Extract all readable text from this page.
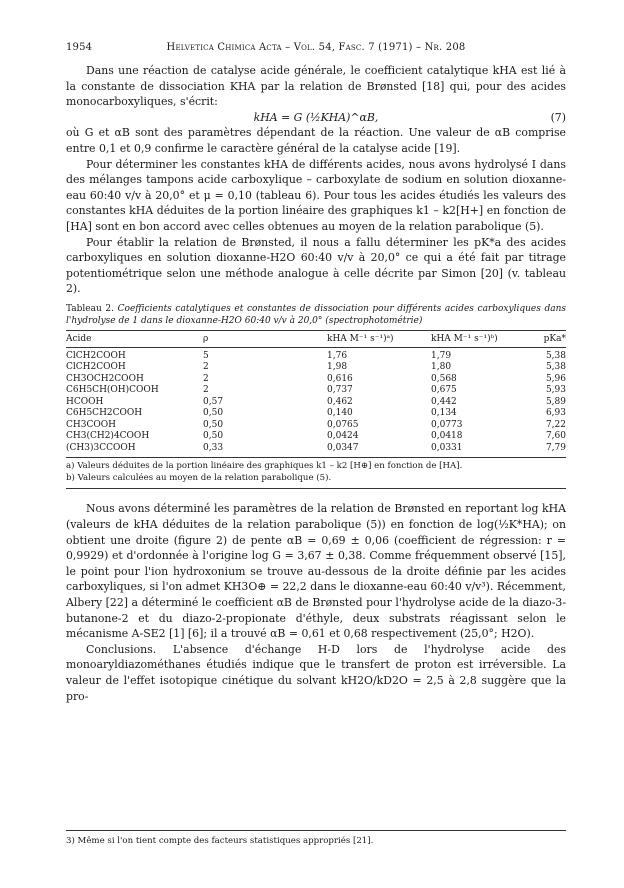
1954	Helvetica Chimica Acta – Vol. 54, Fasc. 7 (1971) – Nr. 208

Dans une réaction de catalyse acide générale, le coefficient catalytique kHA est lié à la constante de dissociation KHA par la relation de Brønsted [18] qui, pour des acides monocarboxyliques, s'écrit:

kHA = G (½KHA)^αB,	(7)

où G et αB sont des paramètres dépendant de la réaction. Une valeur de αB comprise entre 0,1 et 0,9 confirme le caractère général de la catalyse acide [19].

Pour déterminer les constantes kHA de différents acides, nous avons hydrolysé I dans des mélanges tampons acide carboxylique – carboxylate de sodium en solution dioxanne-eau 60:40 v/v à 20,0° et μ = 0,10 (tableau 6). Pour tous les acides étudiés les valeurs des constantes kHA déduites de la portion linéaire des graphiques k1 – k2[H+] en fonction de [HA] sont en bon accord avec celles obtenues au moyen de la relation parabolique (5).

Pour établir la relation de Brønsted, il nous a fallu déterminer les pK*a des acides carboxyliques en solution dioxanne-H2O 60:40 v/v à 20,0° ce qui a été fait par titrage potentiométrique selon une méthode analogue à celle décrite par Simon [20] (v. tableau 2).

Tableau 2. Coefficients catalytiques et constantes de dissociation pour différents acides carboxyliques dans l'hydrolyse de 1 dans le dioxanne-H2O 60:40 v/v à 20,0° (spectrophotométrie)
Acide	ρ	kHA M⁻¹ s⁻¹)ᵃ)	kHA M⁻¹ s⁻¹)ᵇ)	pKa*
ClCH2COOH	5	1,76	1,79	5,38
ClCH2COOH	2	1,98	1,80	5,38
CH3OCH2COOH	2	0,616	0,568	5,96
C6H5CH(OH)COOH	2	0,737	0,675	5,93
HCOOH	0,57	0,462	0,442	5,89
C6H5CH2COOH	0,50	0,140	0,134	6,93
CH3COOH	0,50	0,0765	0,0773	7,22
CH3(CH2)4COOH	0,50	0,0424	0,0418	7,60
(CH3)3CCOOH	0,33	0,0347	0,0331	7,79
a) Valeurs déduites de la portion linéaire des graphiques k1 – k2 [H⊕] en fonction de [HA].
b) Valeurs calculées au moyen de la relation parabolique (5).

Nous avons déterminé les paramètres de la relation de Brønsted en reportant log kHA (valeurs de kHA déduites de la relation parabolique (5)) en fonction de log(½K*HA); on obtient une droite (figure 2) de pente αB = 0,69 ± 0,06 (coefficient de régression: r = 0,9929) et d'ordonnée à l'origine log G = 3,67 ± 0,38. Comme fréquemment observé [15], le point pour l'ion hydroxonium se trouve au-dessous de la droite définie par les acides carboxyliques, si l'on admet KH3O⊕ = 22,2 dans le dioxanne-eau 60:40 v/v³). Récemment, Albery [22] a déterminé le coefficient αB de Brønsted pour l'hydrolyse acide de la diazo-3-butanone-2 et du diazo-2-propionate d'éthyle, deux substrats réagissant selon le mécanisme A-SE2 [1] [6]; il a trouvé αB = 0,61 et 0,68 respectivement (25,0°; H2O).

Conclusions. L'absence d'échange H-D lors de l'hydrolyse acide des monoaryldiazométhanes étudiés indique que le transfert de proton est irréversible. La valeur de l'effet isotopique cinétique du solvant kH2O/kD2O = 2,5 à 2,8 suggère que la pro-

3) Même si l'on tient compte des facteurs statistiques appropriés [21].
